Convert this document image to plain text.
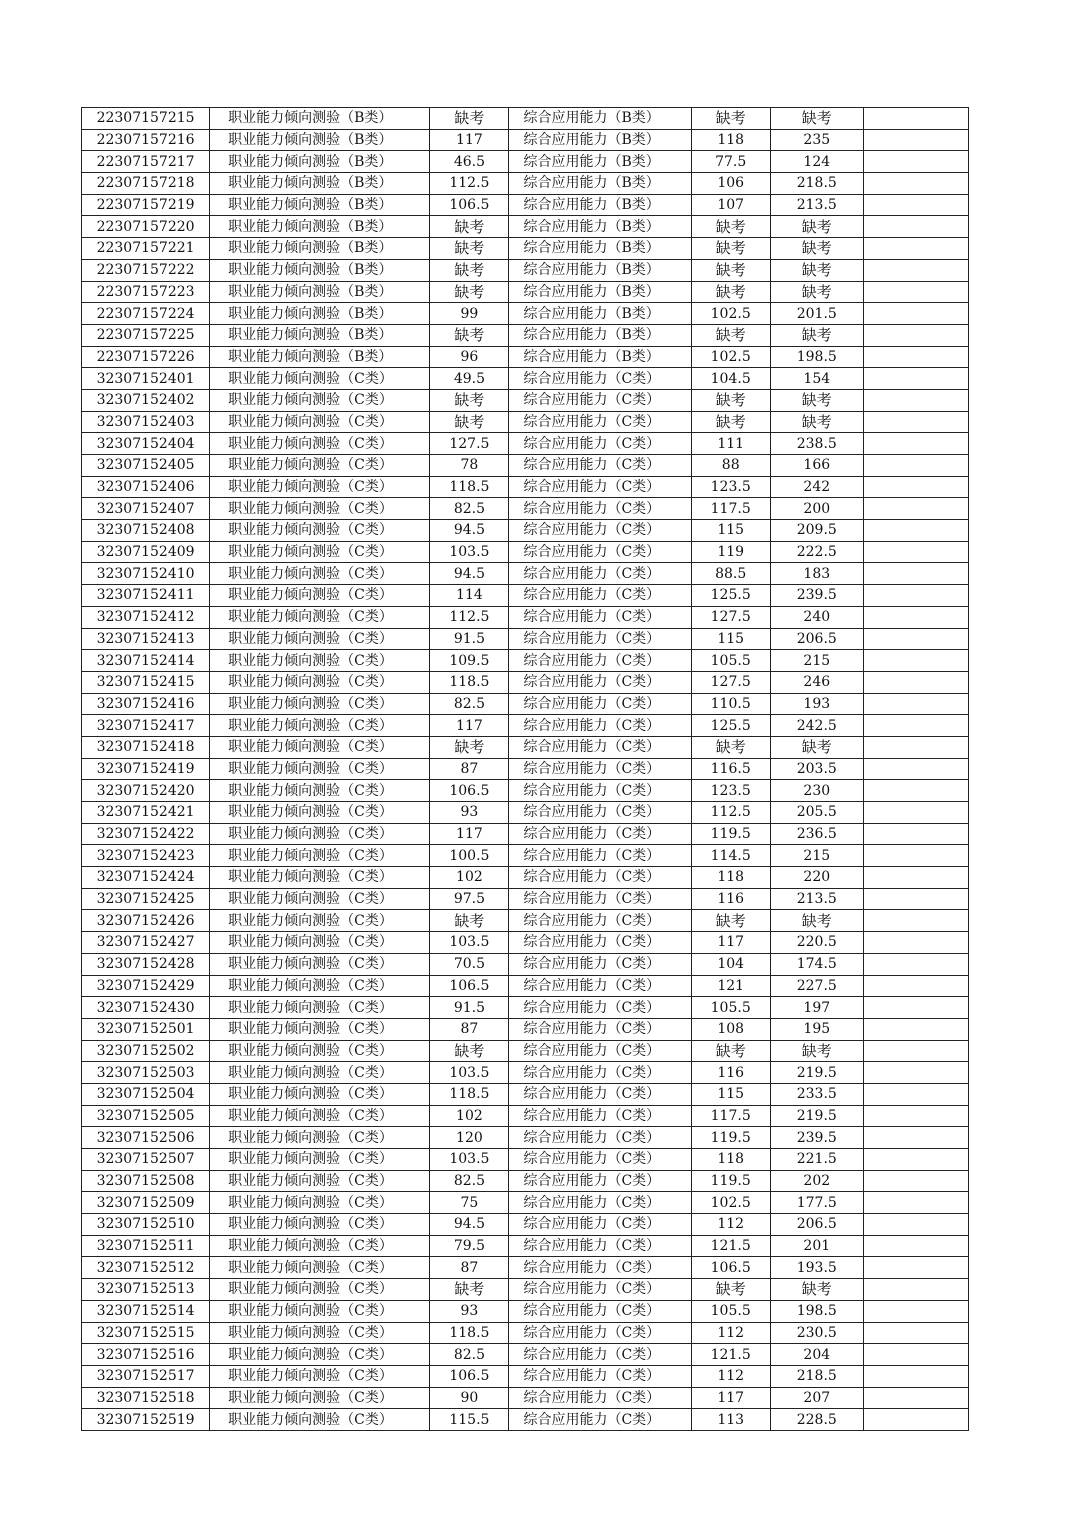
22307157215	职业能力倾向测验（B类）	缺考	综合应用能力（B类）	缺考	缺考	
22307157216	职业能力倾向测验（B类）	117	综合应用能力（B类）	118	235	
22307157217	职业能力倾向测验（B类）	46.5	综合应用能力（B类）	77.5	124	
22307157218	职业能力倾向测验（B类）	112.5	综合应用能力（B类）	106	218.5	
22307157219	职业能力倾向测验（B类）	106.5	综合应用能力（B类）	107	213.5	
22307157220	职业能力倾向测验（B类）	缺考	综合应用能力（B类）	缺考	缺考	
22307157221	职业能力倾向测验（B类）	缺考	综合应用能力（B类）	缺考	缺考	
22307157222	职业能力倾向测验（B类）	缺考	综合应用能力（B类）	缺考	缺考	
22307157223	职业能力倾向测验（B类）	缺考	综合应用能力（B类）	缺考	缺考	
22307157224	职业能力倾向测验（B类）	99	综合应用能力（B类）	102.5	201.5	
22307157225	职业能力倾向测验（B类）	缺考	综合应用能力（B类）	缺考	缺考	
22307157226	职业能力倾向测验（B类）	96	综合应用能力（B类）	102.5	198.5	
32307152401	职业能力倾向测验（C类）	49.5	综合应用能力（C类）	104.5	154	
32307152402	职业能力倾向测验（C类）	缺考	综合应用能力（C类）	缺考	缺考	
32307152403	职业能力倾向测验（C类）	缺考	综合应用能力（C类）	缺考	缺考	
32307152404	职业能力倾向测验（C类）	127.5	综合应用能力（C类）	111	238.5	
32307152405	职业能力倾向测验（C类）	78	综合应用能力（C类）	88	166	
32307152406	职业能力倾向测验（C类）	118.5	综合应用能力（C类）	123.5	242	
32307152407	职业能力倾向测验（C类）	82.5	综合应用能力（C类）	117.5	200	
32307152408	职业能力倾向测验（C类）	94.5	综合应用能力（C类）	115	209.5	
32307152409	职业能力倾向测验（C类）	103.5	综合应用能力（C类）	119	222.5	
32307152410	职业能力倾向测验（C类）	94.5	综合应用能力（C类）	88.5	183	
32307152411	职业能力倾向测验（C类）	114	综合应用能力（C类）	125.5	239.5	
32307152412	职业能力倾向测验（C类）	112.5	综合应用能力（C类）	127.5	240	
32307152413	职业能力倾向测验（C类）	91.5	综合应用能力（C类）	115	206.5	
32307152414	职业能力倾向测验（C类）	109.5	综合应用能力（C类）	105.5	215	
32307152415	职业能力倾向测验（C类）	118.5	综合应用能力（C类）	127.5	246	
32307152416	职业能力倾向测验（C类）	82.5	综合应用能力（C类）	110.5	193	
32307152417	职业能力倾向测验（C类）	117	综合应用能力（C类）	125.5	242.5	
32307152418	职业能力倾向测验（C类）	缺考	综合应用能力（C类）	缺考	缺考	
32307152419	职业能力倾向测验（C类）	87	综合应用能力（C类）	116.5	203.5	
32307152420	职业能力倾向测验（C类）	106.5	综合应用能力（C类）	123.5	230	
32307152421	职业能力倾向测验（C类）	93	综合应用能力（C类）	112.5	205.5	
32307152422	职业能力倾向测验（C类）	117	综合应用能力（C类）	119.5	236.5	
32307152423	职业能力倾向测验（C类）	100.5	综合应用能力（C类）	114.5	215	
32307152424	职业能力倾向测验（C类）	102	综合应用能力（C类）	118	220	
32307152425	职业能力倾向测验（C类）	97.5	综合应用能力（C类）	116	213.5	
32307152426	职业能力倾向测验（C类）	缺考	综合应用能力（C类）	缺考	缺考	
32307152427	职业能力倾向测验（C类）	103.5	综合应用能力（C类）	117	220.5	
32307152428	职业能力倾向测验（C类）	70.5	综合应用能力（C类）	104	174.5	
32307152429	职业能力倾向测验（C类）	106.5	综合应用能力（C类）	121	227.5	
32307152430	职业能力倾向测验（C类）	91.5	综合应用能力（C类）	105.5	197	
32307152501	职业能力倾向测验（C类）	87	综合应用能力（C类）	108	195	
32307152502	职业能力倾向测验（C类）	缺考	综合应用能力（C类）	缺考	缺考	
32307152503	职业能力倾向测验（C类）	103.5	综合应用能力（C类）	116	219.5	
32307152504	职业能力倾向测验（C类）	118.5	综合应用能力（C类）	115	233.5	
32307152505	职业能力倾向测验（C类）	102	综合应用能力（C类）	117.5	219.5	
32307152506	职业能力倾向测验（C类）	120	综合应用能力（C类）	119.5	239.5	
32307152507	职业能力倾向测验（C类）	103.5	综合应用能力（C类）	118	221.5	
32307152508	职业能力倾向测验（C类）	82.5	综合应用能力（C类）	119.5	202	
32307152509	职业能力倾向测验（C类）	75	综合应用能力（C类）	102.5	177.5	
32307152510	职业能力倾向测验（C类）	94.5	综合应用能力（C类）	112	206.5	
32307152511	职业能力倾向测验（C类）	79.5	综合应用能力（C类）	121.5	201	
32307152512	职业能力倾向测验（C类）	87	综合应用能力（C类）	106.5	193.5	
32307152513	职业能力倾向测验（C类）	缺考	综合应用能力（C类）	缺考	缺考	
32307152514	职业能力倾向测验（C类）	93	综合应用能力（C类）	105.5	198.5	
32307152515	职业能力倾向测验（C类）	118.5	综合应用能力（C类）	112	230.5	
32307152516	职业能力倾向测验（C类）	82.5	综合应用能力（C类）	121.5	204	
32307152517	职业能力倾向测验（C类）	106.5	综合应用能力（C类）	112	218.5	
32307152518	职业能力倾向测验（C类）	90	综合应用能力（C类）	117	207	
32307152519	职业能力倾向测验（C类）	115.5	综合应用能力（C类）	113	228.5	
